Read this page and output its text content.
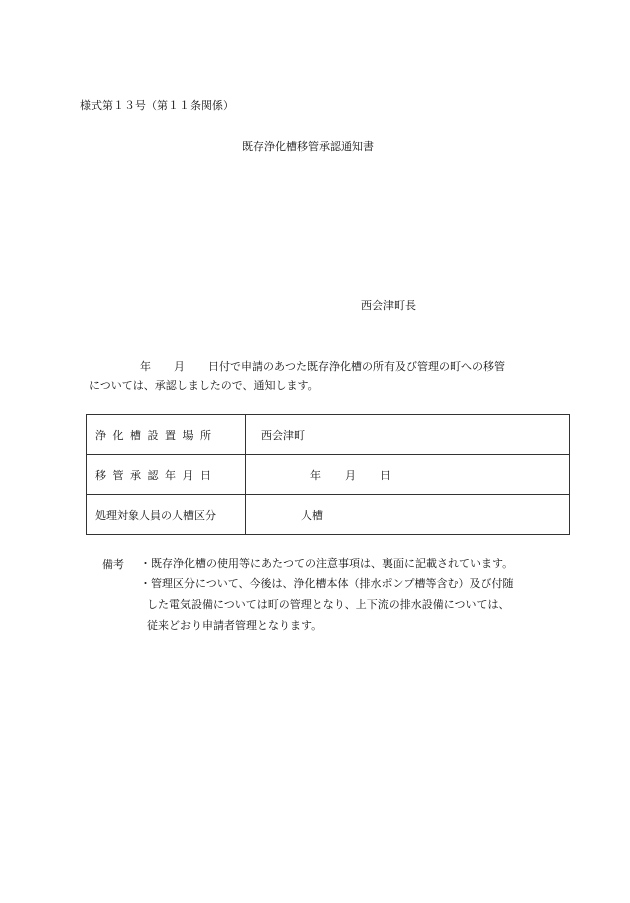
様式第１３号（第１１条関係）
既存浄化槽移管承認通知書
西会津町長
年 月 日付で申請のあつた既存浄化槽の所有及び管理の町への移管
については、承認しましたので、通知します。
浄化槽設置場所	西会津町
移管承認年月日	年 月 日
処理対象人員の人槽区分	人槽
備考 ・既存浄化槽の使用等にあたつての注意事項は、裏面に記載されています。
・管理区分について、今後は、浄化槽本体（排水ポンプ槽等含む）及び付随
した電気設備については町の管理となり、上下流の排水設備については、
従来どおり申請者管理となります。
